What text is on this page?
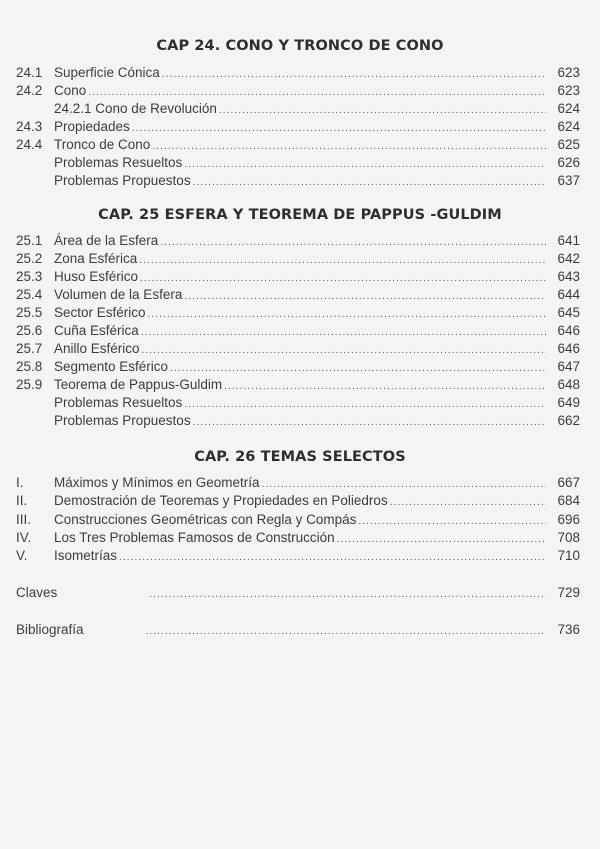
CAP 24. CONO Y TRONCO DE CONO
24.1 Superficie Cónica .....	623
24.2 Cono .....	623
24.2.1 Cono de Revolución .....	624
24.3 Propiedades .....	624
24.4 Tronco de Cono .....	625
Problemas Resueltos .....	626
Problemas Propuestos .....	637
CAP. 25 ESFERA Y TEOREMA DE PAPPUS -GULDIM
25.1 Área de la Esfera .....	641
25.2 Zona Esférica .....	642
25.3 Huso Esférico .....	643
25.4 Volumen de la Esfera .....	644
25.5 Sector Esférico .....	645
25.6 Cuña Esférica .....	646
25.7 Anillo Esférico .....	646
25.8 Segmento Esférico .....	647
25.9 Teorema de Pappus-Guldim .....	648
Problemas Resueltos .....	649
Problemas Propuestos .....	662
CAP. 26 TEMAS SELECTOS
I. Máximos y Mínimos en Geometría .....	667
II. Demostración de Teoremas y Propiedades en Poliedros .....	684
III. Construcciones Geométricas con Regla y Compás .....	696
IV. Los Tres Problemas Famosos de Construcción .....	708
V. Isometrías .....	710
Claves .....	729
Bibliografía .....	736
